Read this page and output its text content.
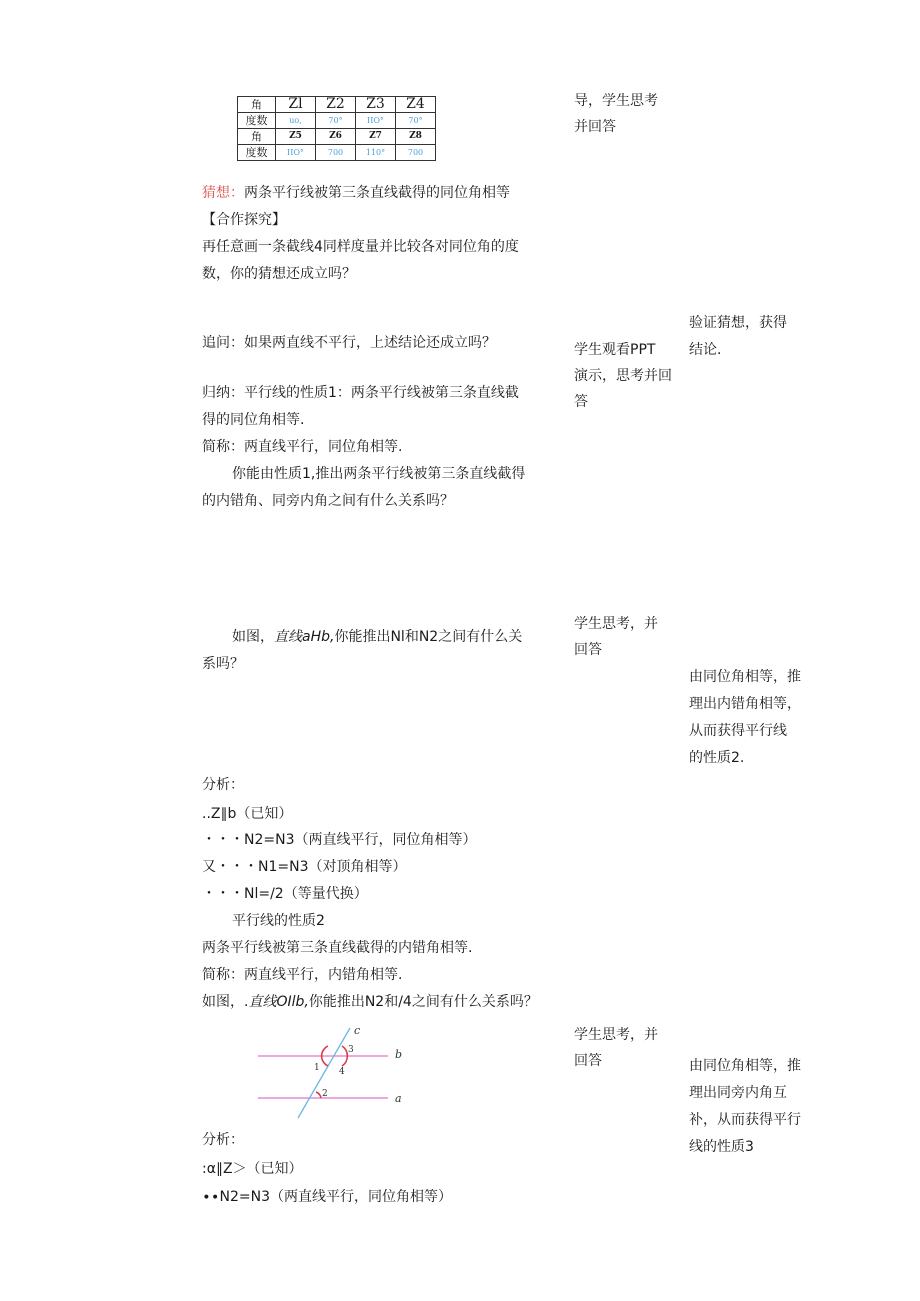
角	Zl	Z2	Z3	Z4
度数	uo,	70°	IIO°	70°
角	Z5	Z6	Z7	Z8
度数	IIO°	700	110°	700
猜想：两条平行线被第三条直线截得的同位角相等
【合作探究】
再任意画一条截线4同样度量并比较各对同位角的度
数，你的猜想还成立吗？
追问：如果两直线不平行，上述结论还成立吗？
归纳：平行线的性质1：两条平行线被第三条直线截
得的同位角相等.
简称：两直线平行，同位角相等.
你能由性质1,推出两条平行线被第三条直线截得
的内错角、同旁内角之间有什么关系吗？
如图，直线aHb,你能推出Nl和N2之间有什么关
系吗？
分析：
..Z∥b（已知）
・・・N2=N3（两直线平行，同位角相等）
又・・・N1=N3（对顶角相等）
・・・Nl=/2（等量代换）
平行线的性质2
两条平行线被第三条直线截得的内错角相等.
简称：两直线平行，内错角相等.
如图，.直线OIlb,你能推出N2和/4之间有什么关系吗？
c
b
a
3
1 4
2
分析：
:α∥Z＞（已知）
∙∙N2=N3（两直线平行，同位角相等）
导，学生思考
并回答
学生观看PPT
演示，思考并回
答
学生思考，并
回答
学生思考，并
回答
验证猜想，获得
结论.
由同位角相等，推
理出内错角相等，
从而获得平行线
的性质2.
由同位角相等，推
理出同旁内角互
补，从而获得平行
线的性质3
